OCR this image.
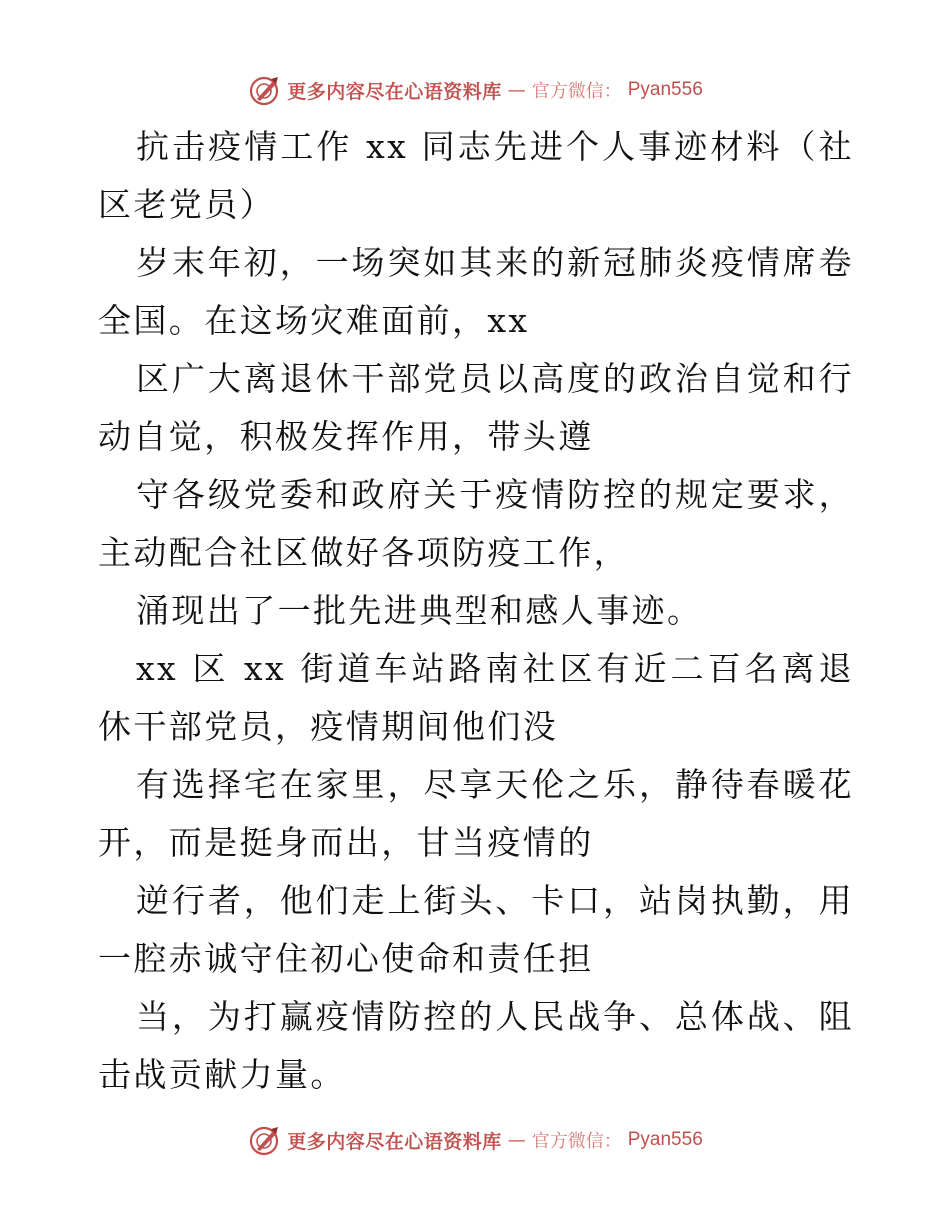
更多内容尽在心语资料库 — 官方微信： Pyan556

抗击疫情工作 xx 同志先进个人事迹材料（社区老党员）

岁末年初，一场突如其来的新冠肺炎疫情席卷全国。在这场灾难面前，xx

区广大离退休干部党员以高度的政治自觉和行动自觉，积极发挥作用，带头遵

守各级党委和政府关于疫情防控的规定要求，主动配合社区做好各项防疫工作，

涌现出了一批先进典型和感人事迹。

xx 区 xx 街道车站路南社区有近二百名离退休干部党员，疫情期间他们没

有选择宅在家里，尽享天伦之乐，静待春暖花开，而是挺身而出，甘当疫情的

逆行者，他们走上街头、卡口，站岗执勤，用一腔赤诚守住初心使命和责任担

当，为打赢疫情防控的人民战争、总体战、阻击战贡献力量。

更多内容尽在心语资料库 — 官方微信： Pyan556
